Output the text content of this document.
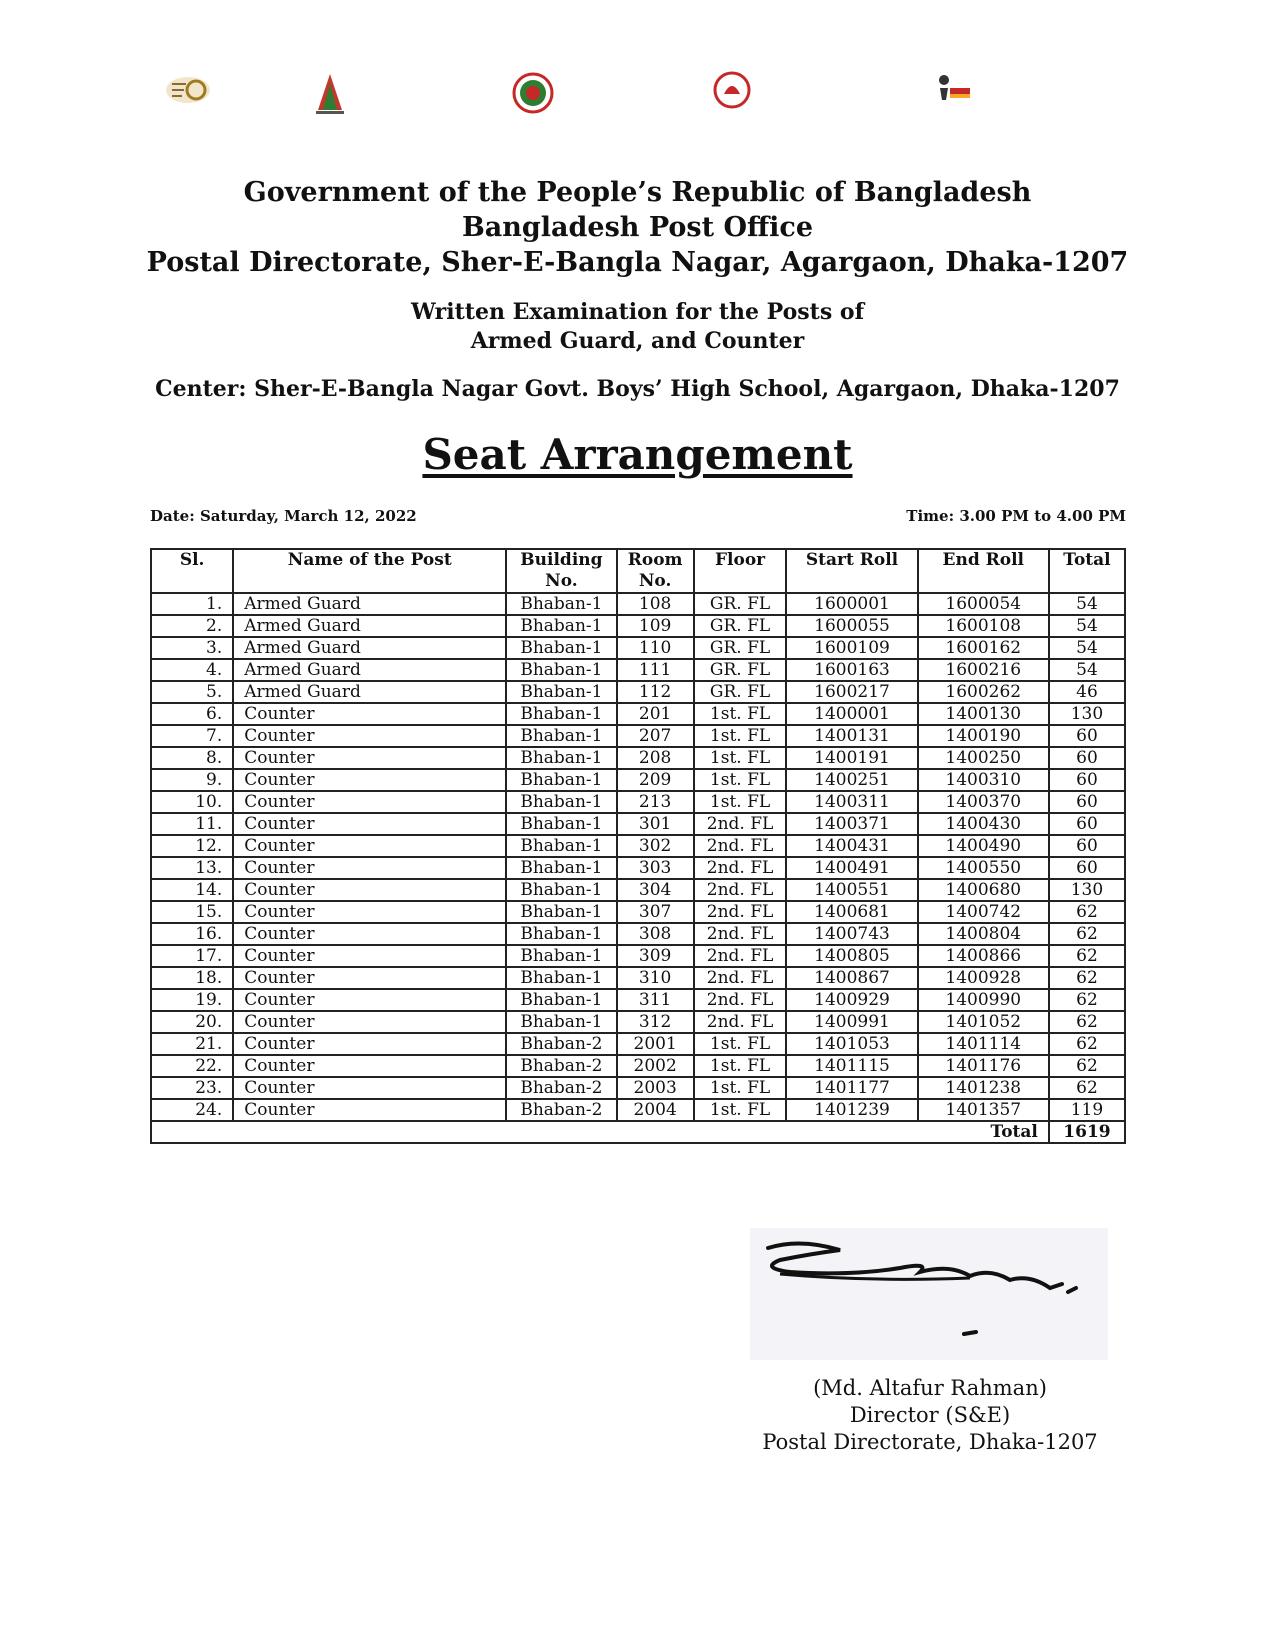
Government of the People’s Republic of Bangladesh

Bangladesh Post Office

Postal Directorate, Sher-E-Bangla Nagar, Agargaon, Dhaka-1207

Written Examination for the Posts of

Armed Guard, and Counter

Center: Sher-E-Bangla Nagar Govt. Boys’ High School, Agargaon, Dhaka-1207
Seat Arrangement
Date: Saturday, March 12, 2022	Time: 3.00 PM to 4.00 PM
Sl.	Name of the Post	Building No.	Room No.	Floor	Start Roll	End Roll	Total
1.	Armed Guard	Bhaban-1	108	GR. FL	1600001	1600054	54
2.	Armed Guard	Bhaban-1	109	GR. FL	1600055	1600108	54
3.	Armed Guard	Bhaban-1	110	GR. FL	1600109	1600162	54
4.	Armed Guard	Bhaban-1	111	GR. FL	1600163	1600216	54
5.	Armed Guard	Bhaban-1	112	GR. FL	1600217	1600262	46
6.	Counter	Bhaban-1	201	1st. FL	1400001	1400130	130
7.	Counter	Bhaban-1	207	1st. FL	1400131	1400190	60
8.	Counter	Bhaban-1	208	1st. FL	1400191	1400250	60
9.	Counter	Bhaban-1	209	1st. FL	1400251	1400310	60
10.	Counter	Bhaban-1	213	1st. FL	1400311	1400370	60
11.	Counter	Bhaban-1	301	2nd. FL	1400371	1400430	60
12.	Counter	Bhaban-1	302	2nd. FL	1400431	1400490	60
13.	Counter	Bhaban-1	303	2nd. FL	1400491	1400550	60
14.	Counter	Bhaban-1	304	2nd. FL	1400551	1400680	130
15.	Counter	Bhaban-1	307	2nd. FL	1400681	1400742	62
16.	Counter	Bhaban-1	308	2nd. FL	1400743	1400804	62
17.	Counter	Bhaban-1	309	2nd. FL	1400805	1400866	62
18.	Counter	Bhaban-1	310	2nd. FL	1400867	1400928	62
19.	Counter	Bhaban-1	311	2nd. FL	1400929	1400990	62
20.	Counter	Bhaban-1	312	2nd. FL	1400991	1401052	62
21.	Counter	Bhaban-2	2001	1st. FL	1401053	1401114	62
22.	Counter	Bhaban-2	2002	1st. FL	1401115	1401176	62
23.	Counter	Bhaban-2	2003	1st. FL	1401177	1401238	62
24.	Counter	Bhaban-2	2004	1st. FL	1401239	1401357	119
Total							1619
(Md. Altafur Rahman)
Director (S&E)
Postal Directorate, Dhaka-1207
